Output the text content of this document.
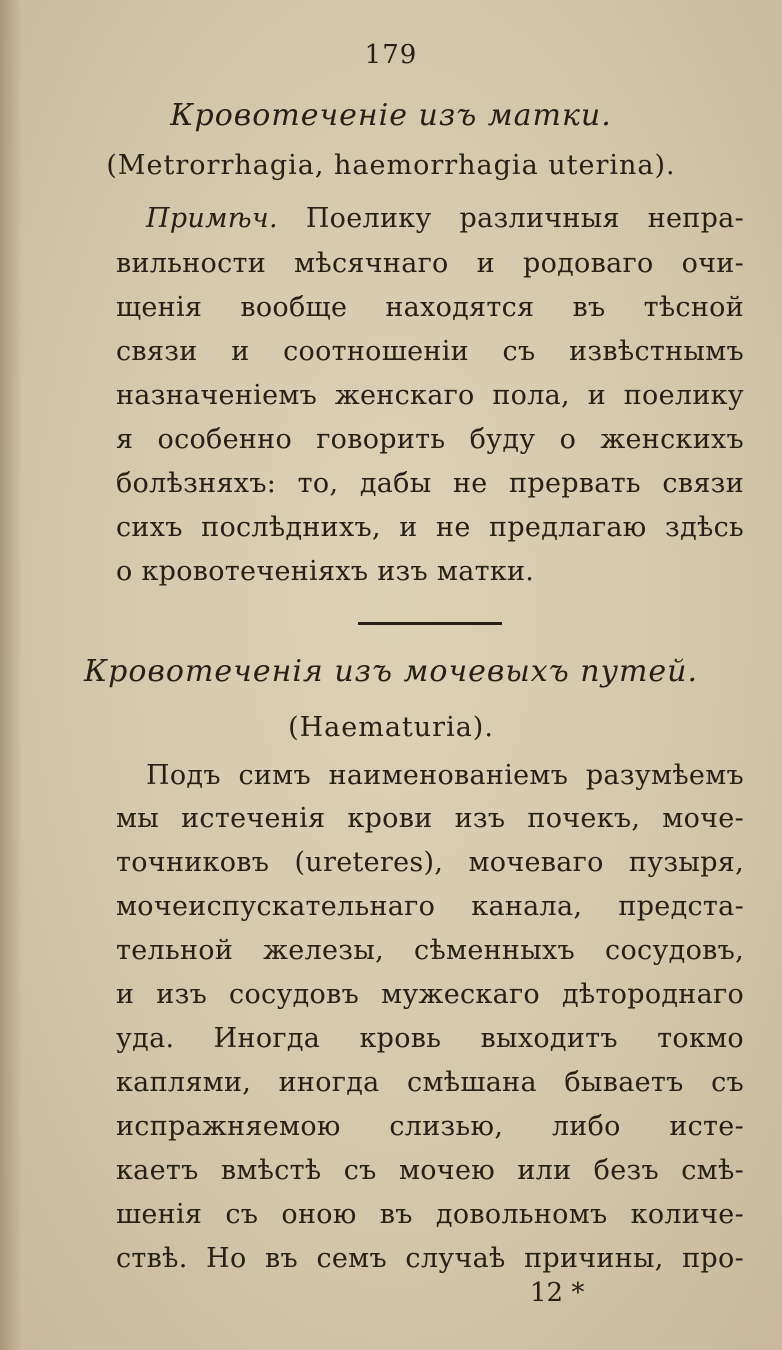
179
Кровотеченіе изъ матки.
(Metrorrhagia, haemorrhagia uterina).
Примѣч. Поелику различныя непра-
вильности мѣсячнаго и родоваго очи-
щенія вообще находятся въ тѣсной
связи и соотношеніи съ извѣстнымъ
назначеніемъ женскаго пола, и поелику
я особенно говорить буду о женскихъ
болѣзняхъ: то, дабы не прервать связи
сихъ послѣднихъ, и не предлагаю здѣсь
о кровотеченіяхъ изъ матки.
Кровотеченія изъ мочевыхъ путей.
(Haematuria).
Подъ симъ наименованіемъ разумѣемъ
мы истеченія крови изъ почекъ, моче-
точниковъ (ureteres), мочеваго пузыря,
мочеиспускательнаго канала, предста-
тельной железы, сѣменныхъ сосудовъ,
и изъ сосудовъ мужескаго дѣтороднаго
уда. Иногда кровь выходитъ токмо
каплями, иногда смѣшана бываетъ съ
испражняемою слизью, либо исте-
каетъ вмѣстѣ съ мочею или безъ смѣ-
шенія съ оною въ довольномъ количе-
ствѣ. Но въ семъ случаѣ причины, про-
12 *
